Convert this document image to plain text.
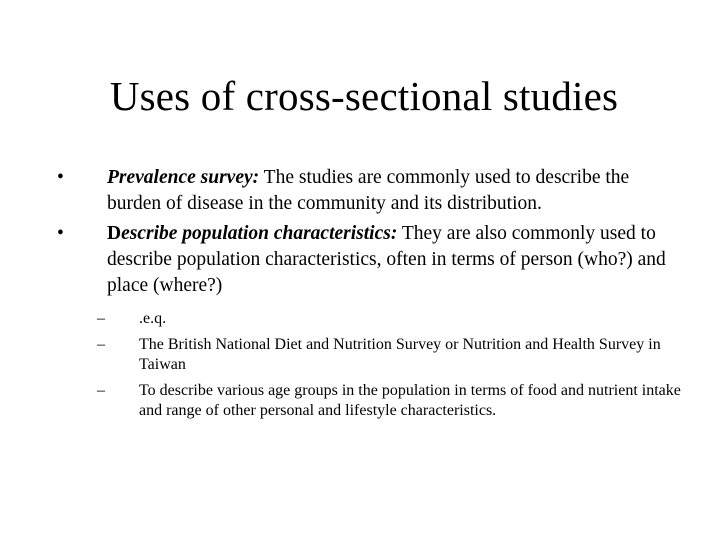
Uses of cross-sectional studies
• Prevalence survey: The studies are commonly used to describe the burden of disease in the community and its distribution.
• Describe population characteristics: They are also commonly used to describe population characteristics, often in terms of person (who?) and place (where?)
– .e.q.
– The British National Diet and Nutrition Survey or Nutrition and Health Survey in Taiwan
– To describe various age groups in the population in terms of food and nutrient intake and range of other personal and lifestyle characteristics.
